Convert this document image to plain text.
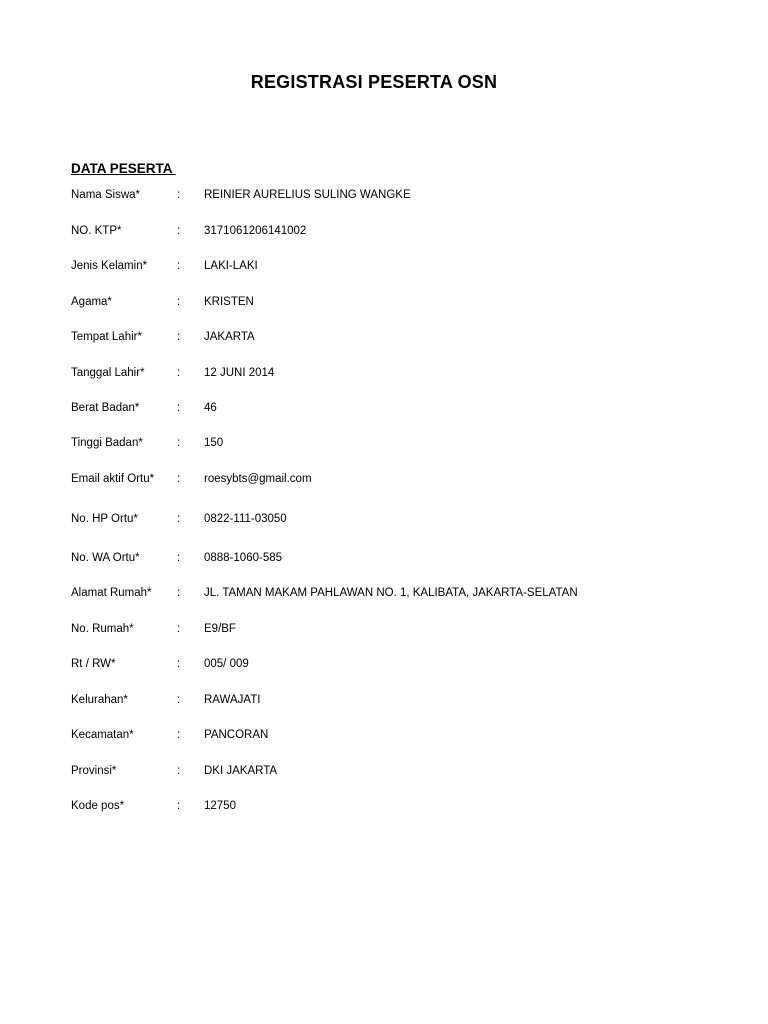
REGISTRASI PESERTA OSN
DATA PESERTA
Nama Siswa*	: REINIER AURELIUS SULING WANGKE
NO. KTP*	: 3171061206141002
Jenis Kelamin*	: LAKI-LAKI
Agama*	: KRISTEN
Tempat Lahir*	: JAKARTA
Tanggal Lahir*	: 12 JUNI 2014
Berat Badan*	: 46
Tinggi Badan*	: 150
Email aktif Ortu* : roesybts@gmail.com
No. HP Ortu*	: 0822-111-03050
No. WA Ortu*	: 0888-1060-585
Alamat Rumah* : JL. TAMAN MAKAM PAHLAWAN NO. 1, KALIBATA, JAKARTA-SELATAN
No. Rumah*	: E9/BF
Rt / RW*	: 005/ 009
Kelurahan*	: RAWAJATI
Kecamatan*	: PANCORAN
Provinsi*	: DKI JAKARTA
Kode pos*	: 12750
